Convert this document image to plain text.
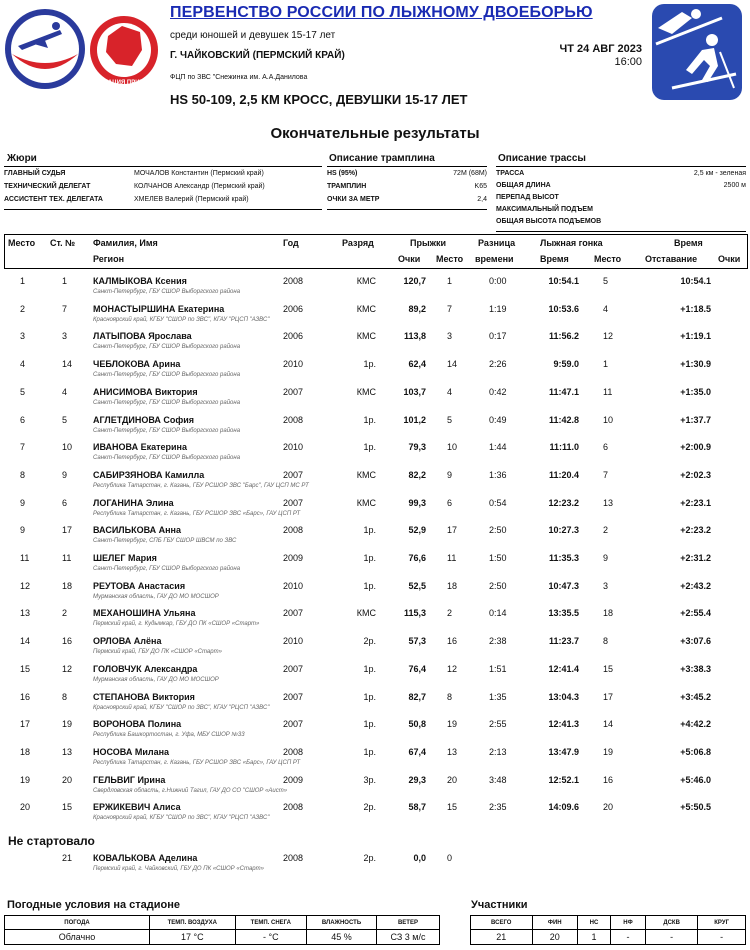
ФЕДЕРАЦИЯ ПРИКАМЬЯ
ПЕРВЕНСТВО РОССИИ ПО ЛЫЖНОМУ ДВОЕБОРЬЮ
среди юношей и девушек 15-17 лет
Г. ЧАЙКОВСКИЙ (ПЕРМСКИЙ КРАЙ)
ФЦП по ЗВС "Снежинка им. А.А.Данилова
HS 50-109, 2,5 КМ КРОСС, ДЕВУШКИ 15-17 ЛЕТ
ЧТ 24 АВГ 2023
16:00
Окончательные результаты
Жюри
ГЛАВНЫЙ СУДЬЯ	МОЧАЛОВ Константин (Пермский край)
ТЕХНИЧЕСКИЙ ДЕЛЕГАТ	КОЛЧАНОВ Александр (Пермский край)
АССИСТЕНТ ТЕХ. ДЕЛЕГАТА	ХМЕЛЕВ Валерий (Пермский край)
Описание трамплина
HS (95%)	72M (68M)
ТРАМПЛИН	K65
ОЧКИ ЗА МЕТР	2,4
Описание трассы
ТРАССА	2,5 км - зеленая
ОБЩАЯ ДЛИНА	2500 м
ПЕРЕПАД ВЫСОТ
МАКСИМАЛЬНЫЙ ПОДЪЕМ
ОБЩАЯ ВЫСОТА ПОДЪЕМОВ
Место Ст. № Фамилия, Имя
Регион
Год	Разряд	Прыжки
Очки Место
Разница
времени
Лыжная гонка
Время	Место
Время
Отставание Очки
1	1	КАЛМЫКОВА Ксения
Санкт-Петербург, ГБУ СШОР Выборгского района
2008	КМС	120,7 1	0:00	10:54.1	5	10:54.1
2	7	МОНАСТЫРШИНА Екатерина
Красноярский край, КГБУ "СШОР по ЗВС", КГАУ "РЦСП "АЗВС"
2006	КМС	89,2 7	1:19	10:53.6	4	+1:18.5
3	3	ЛАТЫПОВА Ярослава
Санкт-Петербург, ГБУ СШОР Выборгского района
2006	КМС	113,8 3	0:17	11:56.2	12	+1:19.1
4	14 ЧЕБЛОКОВА Арина
Санкт-Петербург, ГБУ СШОР Выборгского района
2010	1р.	62,4 14	2:26	9:59.0	1	+1:30.9
5	4	АНИСИМОВА Виктория
Санкт-Петербург, ГБУ СШОР Выборгского района
2007	КМС	103,7 4	0:42	11:47.1	11	+1:35.0
6	5	АГЛЕТДИНОВА София
Санкт-Петербург, ГБУ СШОР Выборгского района
2008	1р.	101,2 5	0:49	11:42.8	10	+1:37.7
7	10 ИВАНОВА Екатерина
Санкт-Петербург, ГБУ СШОР Выборгского района
2010	1р.	79,3 10	1:44	11:11.0	6	+2:00.9
8	9	САБИРЗЯНОВА Камилла
Республика Татарстан, г. Казань, ГБУ РСШОР ЗВС "Барс", ГАУ ЦСП МС РТ
2007	КМС	82,2 9	1:36	11:20.4	7	+2:02.3
9	6	ЛОГАНИНА Элина
Республика Татарстан, г. Казань, ГБУ РСШОР ЗВС «Барс», ГАУ ЦСП РТ
2007	КМС	99,3 6	0:54	12:23.2	13	+2:23.1
9	17 ВАСИЛЬКОВА Анна
Санкт-Петербург, СПБ ГБУ СШОР ШВСМ по ЗВС
2008	1р.	52,9 17	2:50	10:27.3	2	+2:23.2
11	11 ШЕЛЕГ Мария
Санкт-Петербург, ГБУ СШОР Выборгского района
2009	1р.	76,6 11	1:50	11:35.3	9	+2:31.2
12	18 РЕУТОВА Анастасия
Мурманская область, ГАУ ДО МО МОСШОР
2010	1р.	52,5 18	2:50	10:47.3	3	+2:43.2
13	2	МЕХАНОШИНА Ульяна
Пермский край, г. Кудымкар, ГБУ ДО ПК «СШОР «Старт»
2007	КМС	115,3 2	0:14	13:35.5	18	+2:55.4
14	16 ОРЛОВА Алёна
Пермский край, ГБУ ДО ПК «СШОР «Старт»
2010	2р.	57,3 16	2:38	11:23.7	8	+3:07.6
15	12 ГОЛОВЧУК Александра
Мурманская область, ГАУ ДО МО МОСШОР
2007	1р.	76,4 12	1:51	12:41.4	15	+3:38.3
16	8	СТЕПАНОВА Виктория
Красноярский край, КГБУ "СШОР по ЗВС", КГАУ "РЦСП "АЗВС"
2007	1р.	82,7 8	1:35	13:04.3	17	+3:45.2
17	19 ВОРОНОВА Полина
Республика Башкортостан, г. Уфа, МБУ СШОР №33
2007	1р.	50,8 19	2:55	12:41.3	14	+4:42.2
18	13 НОСОВА Милана
Республика Татарстан, г. Казань, ГБУ РСШОР ЗВС «Барс», ГАУ ЦСП РТ
2008	1р.	67,4 13	2:13	13:47.9	19	+5:06.8
19	20 ГЕЛЬВИГ Ирина
Свердловская область, г.Нижний Тагил, ГАУ ДО СО "СШОР «Аист»
2009	3р.	29,3 20	3:48	12:52.1	16	+5:46.0
20	15 ЕРЖИКЕВИЧ Алиса
Красноярский край, КГБУ "СШОР по ЗВС", КГАУ "РЦСП "АЗВС"
2008	2р.	58,7 15	2:35	14:09.6	20	+5:50.5
Не стартовало
21 КОВАЛЬКОВА Аделина
Пермский край, г. Чайковский, ГБУ ДО ПК «СШОР «Старт»
2008	2р.	0,0 0
Погодные условия на стадионе
ПОГОДА	ТЕМП. ВОЗДУХА	ТЕМП. СНЕГА	ВЛАЖНОСТЬ	ВЕТЕР
Облачно	17 °C	- °C	45 %	СЗ 3 м/с
Участники
ВСЕГО	ФИН	НС	НФ	ДСКВ	КРУГ
21	20	1	-	-	-
